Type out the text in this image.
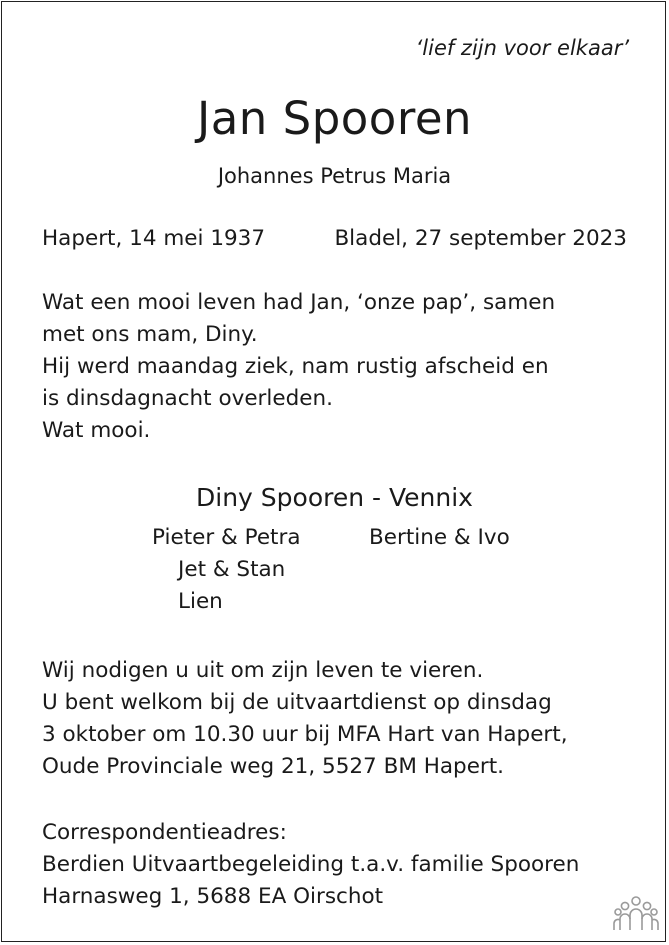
‘lief zijn voor elkaar’
Jan Spooren
Johannes Petrus Maria
Hapert, 14 mei 1937	Bladel, 27 september 2023
Wat een mooi leven had Jan, ‘onze pap’, samen
met ons mam, Diny.
Hij werd maandag ziek, nam rustig afscheid en
is dinsdagnacht overleden.
Wat mooi.
Diny Spooren - Vennix
Pieter & Petra	Bertine & Ivo
Jet & Stan
Lien
Wij nodigen u uit om zijn leven te vieren.
U bent welkom bij de uitvaartdienst op dinsdag
3 oktober om 10.30 uur bij MFA Hart van Hapert,
Oude Provinciale weg 21, 5527 BM Hapert.
Correspondentieadres:
Berdien Uitvaartbegeleiding t.a.v. familie Spooren
Harnasweg 1, 5688 EA Oirschot
